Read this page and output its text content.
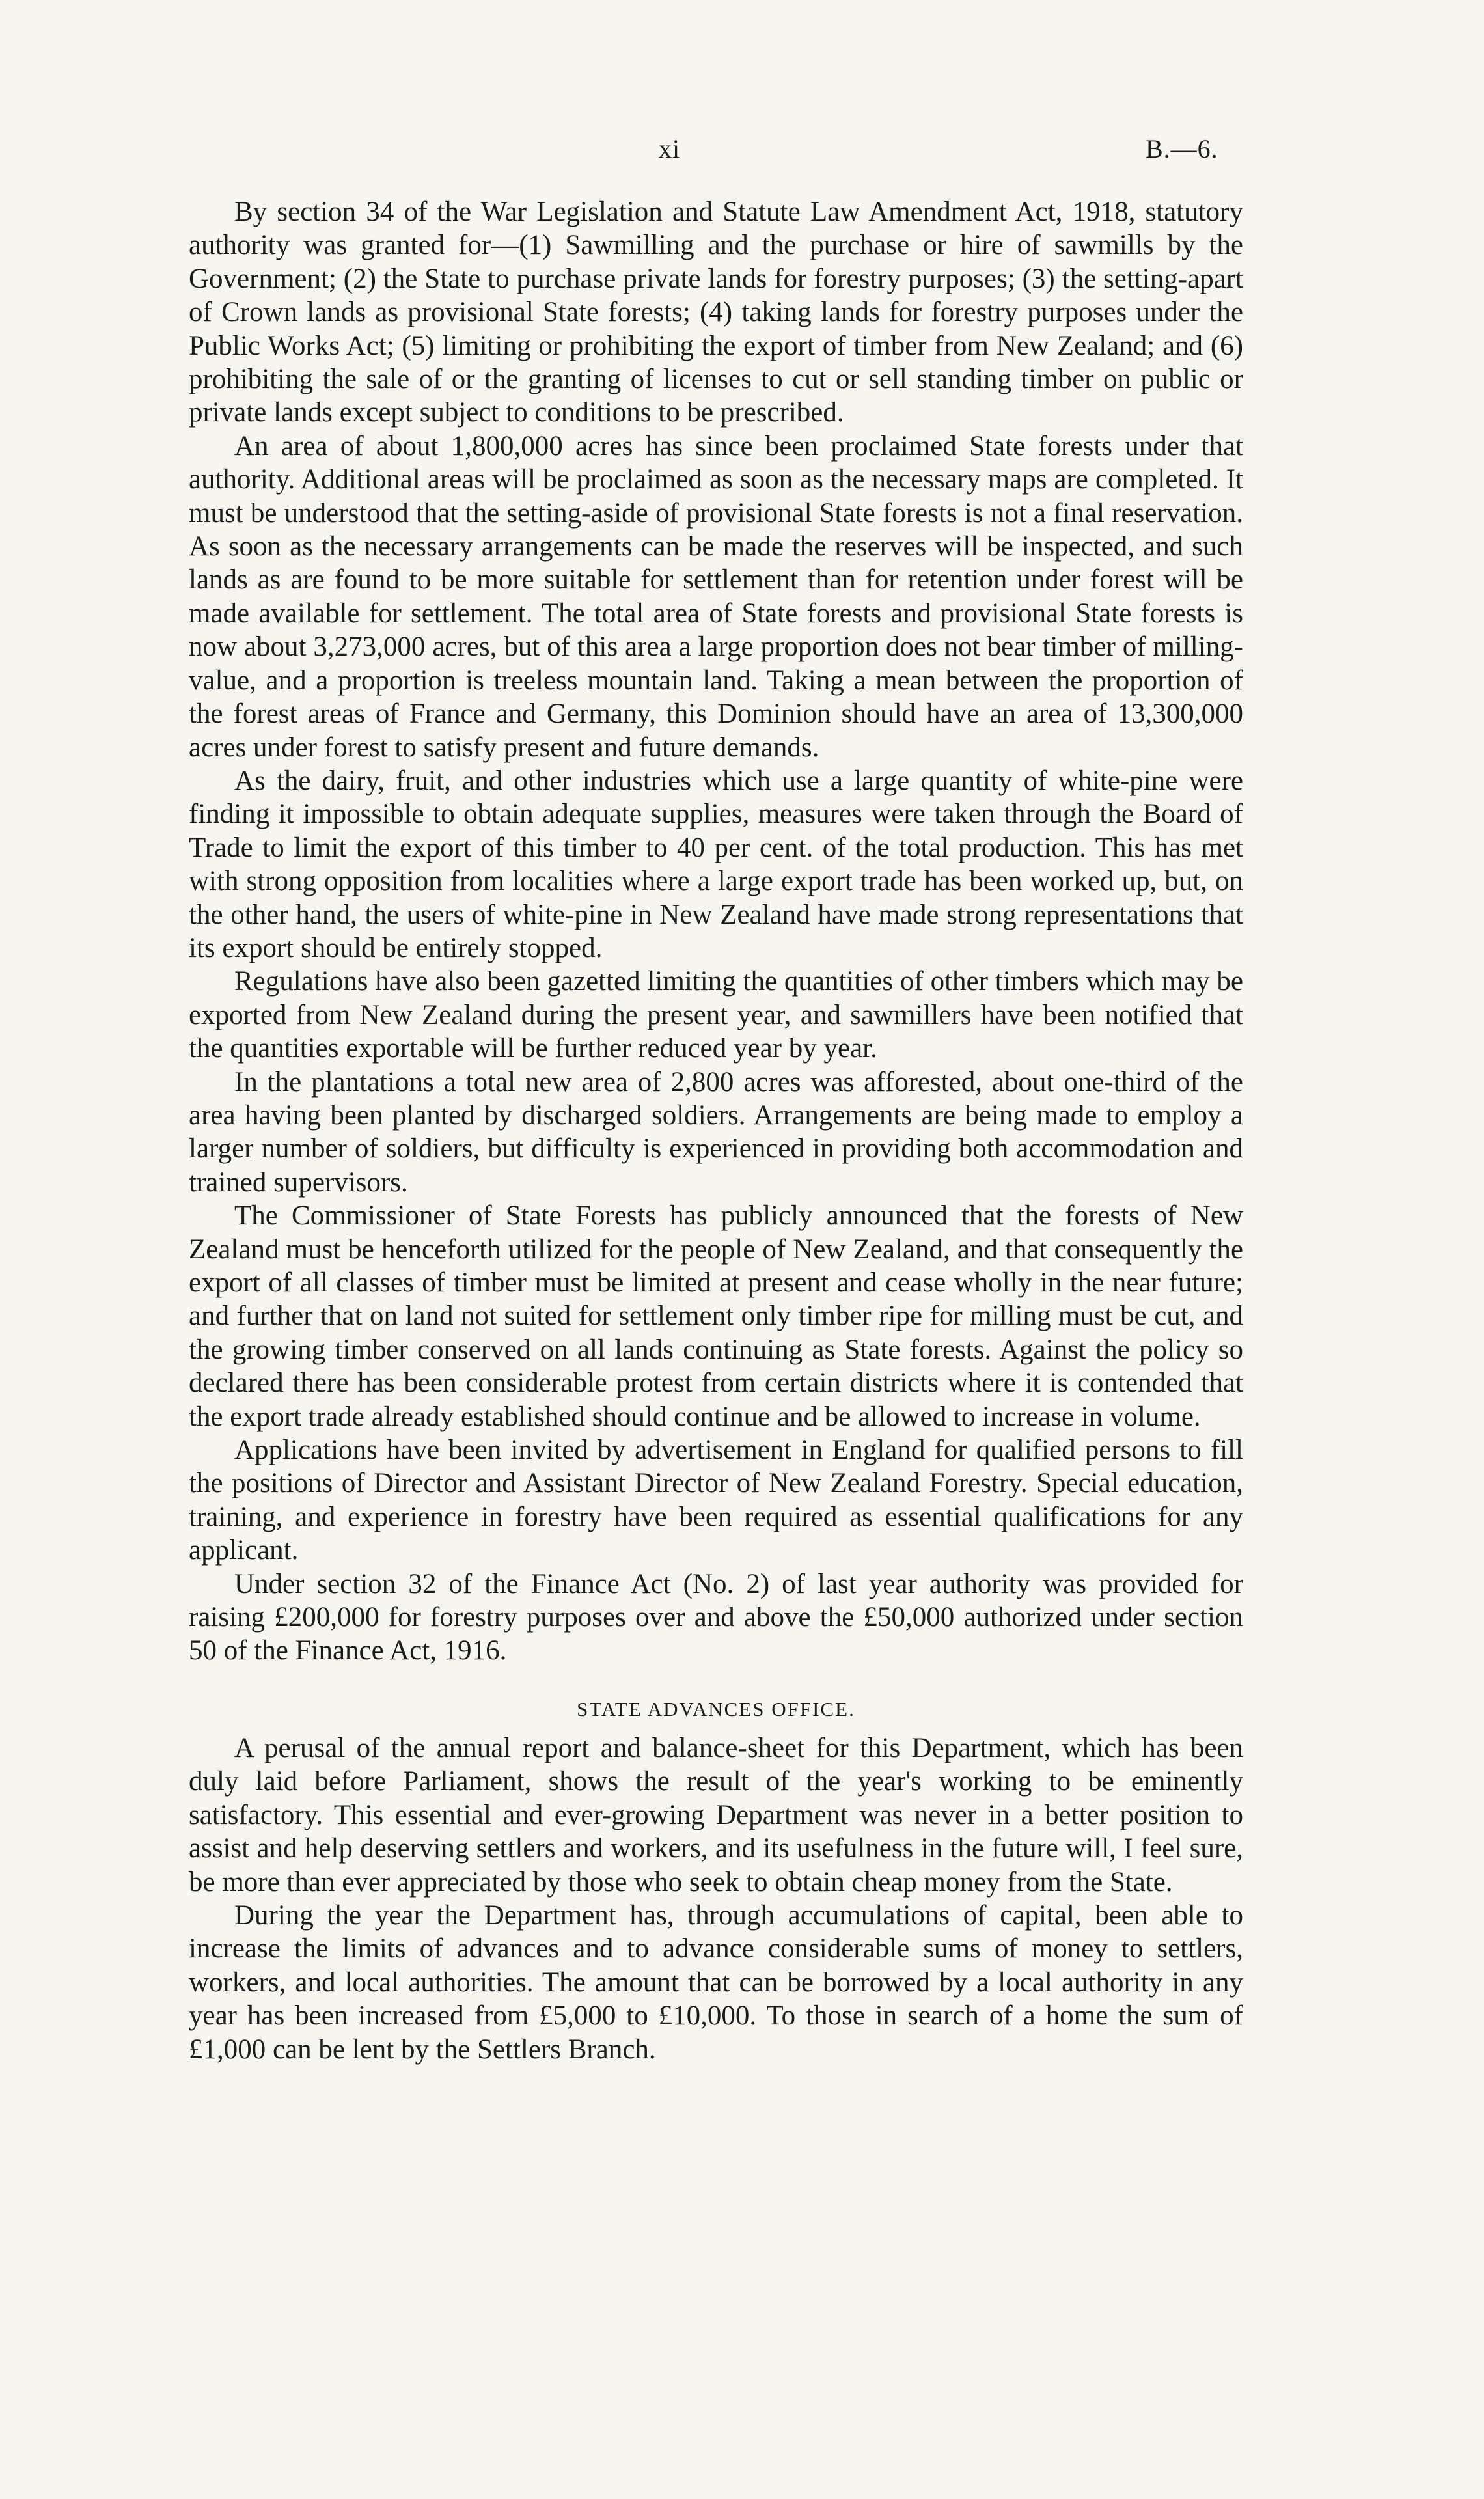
xi	B.—6.

By section 34 of the War Legislation and Statute Law Amendment Act, 1918, statutory authority was granted for—(1) Sawmilling and the purchase or hire of sawmills by the Government; (2) the State to purchase private lands for forestry purposes; (3) the setting-apart of Crown lands as provisional State forests; (4) taking lands for forestry purposes under the Public Works Act; (5) limiting or prohibiting the export of timber from New Zealand; and (6) prohibiting the sale of or the granting of licenses to cut or sell standing timber on public or private lands except subject to conditions to be prescribed.

An area of about 1,800,000 acres has since been proclaimed State forests under that authority. Additional areas will be proclaimed as soon as the necessary maps are completed. It must be understood that the setting-aside of provisional State forests is not a final reservation. As soon as the necessary arrangements can be made the reserves will be inspected, and such lands as are found to be more suitable for settlement than for retention under forest will be made available for settlement. The total area of State forests and provisional State forests is now about 3,273,000 acres, but of this area a large proportion does not bear timber of milling-value, and a proportion is treeless mountain land. Taking a mean between the proportion of the forest areas of France and Germany, this Dominion should have an area of 13,300,000 acres under forest to satisfy present and future demands.

As the dairy, fruit, and other industries which use a large quantity of white-pine were finding it impossible to obtain adequate supplies, measures were taken through the Board of Trade to limit the export of this timber to 40 per cent. of the total production. This has met with strong opposition from localities where a large export trade has been worked up, but, on the other hand, the users of white-pine in New Zealand have made strong representations that its export should be entirely stopped.

Regulations have also been gazetted limiting the quantities of other timbers which may be exported from New Zealand during the present year, and sawmillers have been notified that the quantities exportable will be further reduced year by year.

In the plantations a total new area of 2,800 acres was afforested, about one-third of the area having been planted by discharged soldiers. Arrangements are being made to employ a larger number of soldiers, but difficulty is experienced in providing both accommodation and trained supervisors.

The Commissioner of State Forests has publicly announced that the forests of New Zealand must be henceforth utilized for the people of New Zealand, and that consequently the export of all classes of timber must be limited at present and cease wholly in the near future; and further that on land not suited for settlement only timber ripe for milling must be cut, and the growing timber conserved on all lands continuing as State forests. Against the policy so declared there has been considerable protest from certain districts where it is contended that the export trade already established should continue and be allowed to increase in volume.

Applications have been invited by advertisement in England for qualified persons to fill the positions of Director and Assistant Director of New Zealand Forestry. Special education, training, and experience in forestry have been required as essential qualifications for any applicant.

Under section 32 of the Finance Act (No. 2) of last year authority was provided for raising £200,000 for forestry purposes over and above the £50,000 authorized under section 50 of the Finance Act, 1916.

STATE ADVANCES OFFICE.

A perusal of the annual report and balance-sheet for this Department, which has been duly laid before Parliament, shows the result of the year's working to be eminently satisfactory. This essential and ever-growing Department was never in a better position to assist and help deserving settlers and workers, and its usefulness in the future will, I feel sure, be more than ever appreciated by those who seek to obtain cheap money from the State.

During the year the Department has, through accumulations of capital, been able to increase the limits of advances and to advance considerable sums of money to settlers, workers, and local authorities. The amount that can be borrowed by a local authority in any year has been increased from £5,000 to £10,000. To those in search of a home the sum of £1,000 can be lent by the Settlers Branch.
